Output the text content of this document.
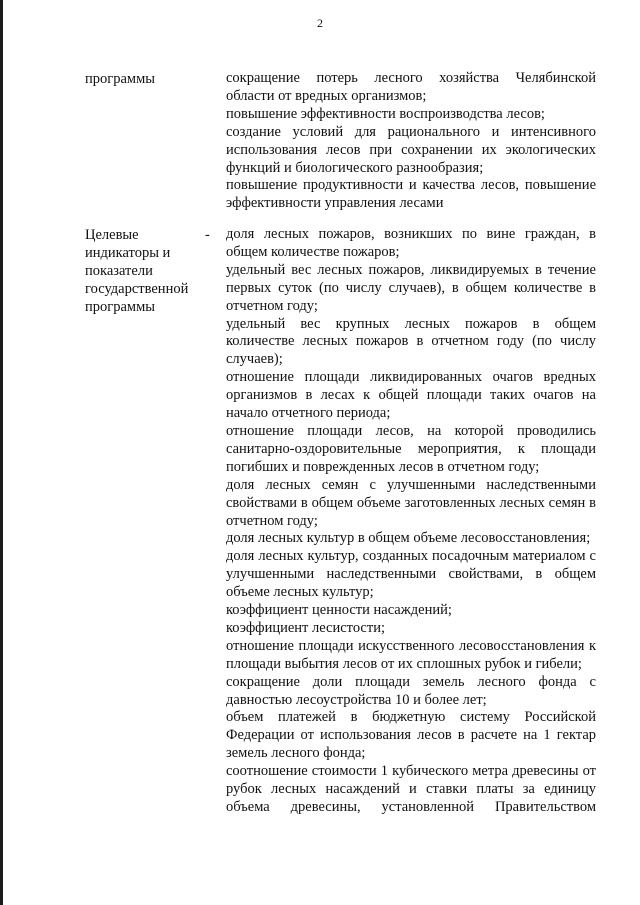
2
программы	сокращение потерь лесного хозяйства Челябинской области от вредных организмов;

повышение эффективности воспроизводства лесов;

создание условий для рационального и интенсивного использования лесов при сохранении их экологических функций и биологического разнообразия;

повышение продуктивности и качества лесов, повышение эффективности управления лесами

Целевые индикаторы и показатели государственной программы
- доля лесных пожаров, возникших по вине граждан, в общем количестве пожаров;

удельный вес лесных пожаров, ликвидируемых в течение первых суток (по числу случаев), в общем количестве в отчетном году;

удельный вес крупных лесных пожаров в общем количестве лесных пожаров в отчетном году (по числу случаев);

отношение площади ликвидированных очагов вредных организмов в лесах к общей площади таких очагов на начало отчетного периода;

отношение площади лесов, на которой проводились санитарно-оздоровительные мероприятия, к площади погибших и поврежденных лесов в отчетном году;

доля лесных семян с улучшенными наследственными свойствами в общем объеме заготовленных лесных семян в отчетном году;

доля лесных культур в общем объеме лесовосстановления;

доля лесных культур, созданных посадочным материалом с улучшенными наследственными свойствами, в общем объеме лесных культур;

коэффициент ценности насаждений;

коэффициент лесистости;

отношение площади искусственного лесовосстановления к площади выбытия лесов от их сплошных рубок и гибели;

сокращение доли площади земель лесного фонда с давностью лесоустройства 10 и более лет;

объем платежей в бюджетную систему Российской Федерации от использования лесов в расчете на 1 гектар земель лесного фонда;

соотношение стоимости 1 кубического метра древесины от рубок лесных насаждений и ставки платы за единицу объема древесины, установленной Правительством
